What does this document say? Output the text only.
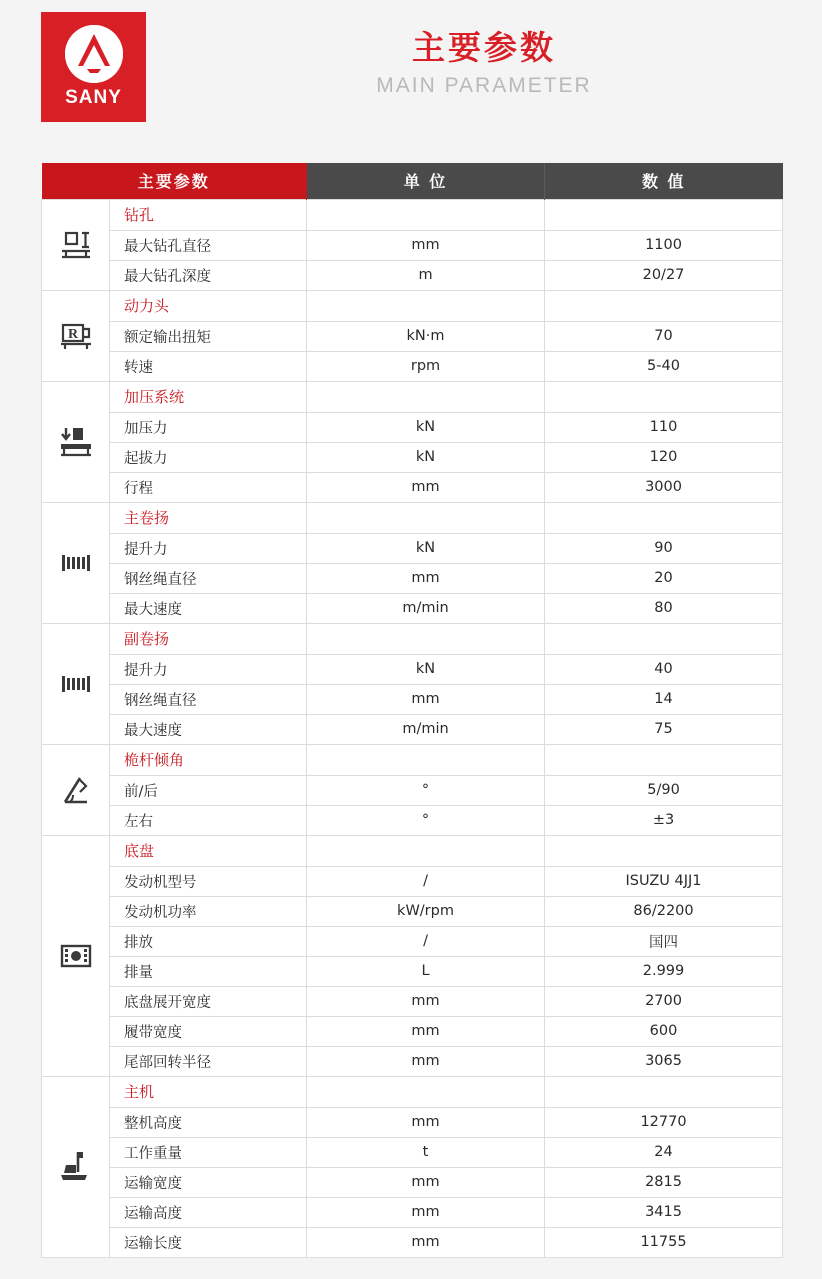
SANY
主要参数
MAIN PARAMETER
主要参数		单 位	数 值
	钻孔		
	最大钻孔直径	mm	1100
	最大钻孔深度	m	20/27

R	动力头		
	额定输出扭矩	kN·m	70
	转速	rpm	5-40
	加压系统		
	加压力	kN	110
	起拔力	kN	120
	行程	mm	3000
	主卷扬		
	提升力	kN	90
	钢丝绳直径	mm	20
	最大速度	m/min	80
	副卷扬		
	提升力	kN	40
	钢丝绳直径	mm	14
	最大速度	m/min	75
	桅杆倾角		
	前/后	°	5/90
	左右	°	±3
	底盘		
	发动机型号	/	ISUZU 4JJ1
	发动机功率	kW/rpm	86/2200
	排放	/	国四
	排量	L	2.999
	底盘展开宽度	mm	2700
	履带宽度	mm	600
	尾部回转半径	mm	3065
	主机		
	整机高度	mm	12770
	工作重量	t	24
	运输宽度	mm	2815
	运输高度	mm	3415
	运输长度	mm	11755
